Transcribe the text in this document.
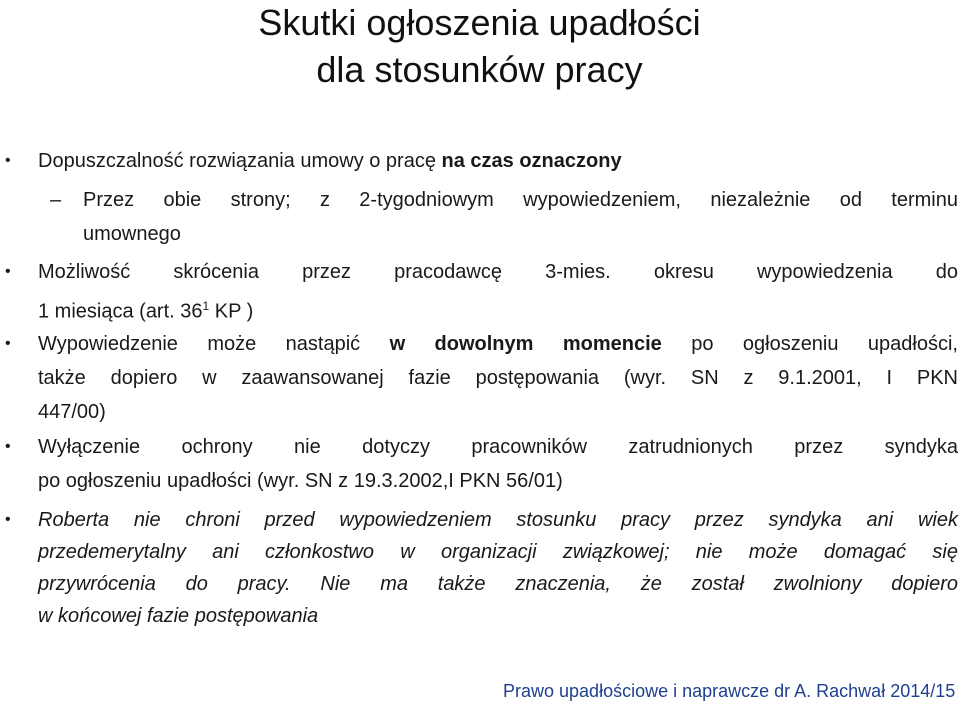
Skutki ogłoszenia upadłości
dla stosunków pracy
• Dopuszczalność rozwiązania umowy o pracę na czas oznaczony
– Przez obie strony; z 2-tygodniowym wypowiedzeniem, niezależnie od terminu
umownego
• Możliwość skrócenia przez pracodawcę 3-mies. okresu wypowiedzenia do
1 miesiąca (art. $36^1$ KP )
• Wypowiedzenie może nastąpić w dowolnym momencie po ogłoszeniu upadłości,
także dopiero w zaawansowanej fazie postępowania (wyr. SN z 9.1.2001, I PKN
447/00)
• Wyłączenie ochrony nie dotyczy pracowników zatrudnionych przez syndyka
po ogłoszeniu upadłości (wyr. SN z 19.3.2002,I PKN 56/01)
• Roberta nie chroni przed wypowiedzeniem stosunku pracy przez syndyka ani wiek
przedemerytalny ani członkostwo w organizacji związkowej; nie może domagać się
przywrócenia do pracy. Nie ma także znaczenia, że został zwolniony dopiero
w końcowej fazie postępowania
Prawo upadłościowe i naprawcze dr A. Rachwał 2014/15
